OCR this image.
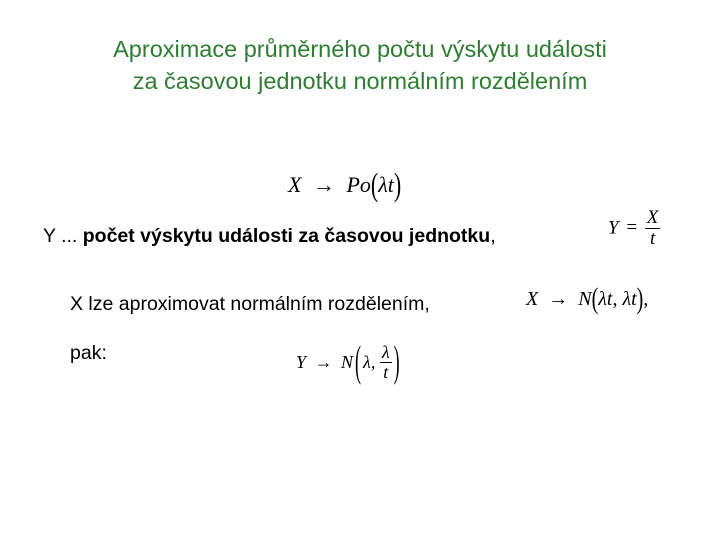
Aproximace průměrného počtu výskytu události
za časovou jednotku normálním rozdělením
X → Po(λt)
Y ... počet výskytu události za časovou jednotku,	$Y = \frac{X}{t}$
X lze aproximovat normálním rozdělením,	X → N(λt, λt),
pak:	Y → N ( λ, $\frac{\lambda}{t}$ )
